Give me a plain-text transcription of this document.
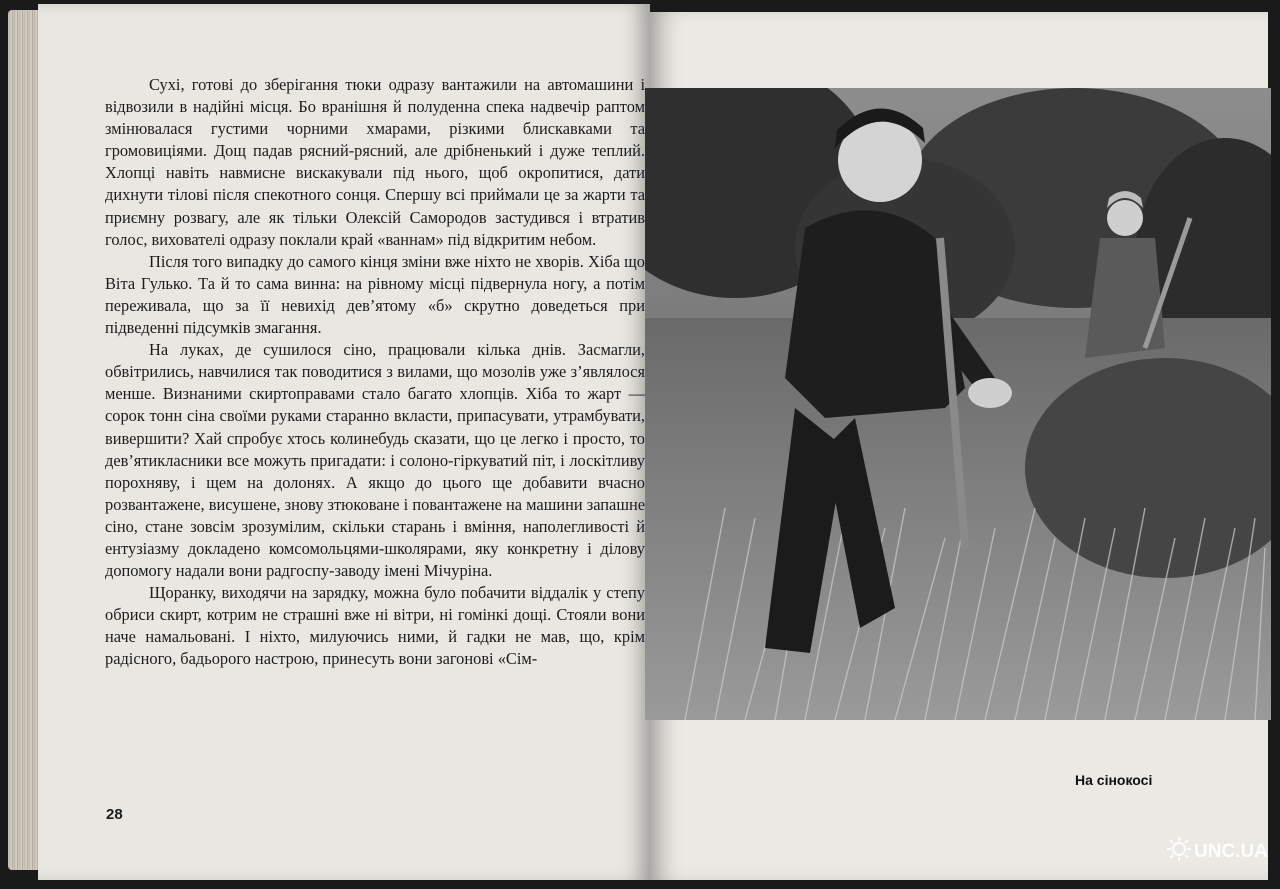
Сухі, готові до зберігання тюки одразу вантажили на автомашини і відвозили в надійні місця. Бо вранішня й полуденна спека надвечір раптом змінювалася густими чорними хмарами, різкими блискавками та громовиціями. Дощ падав рясний-рясний, але дрібненький і дуже теплий. Хлопці навіть навмисне вискакували під нього, щоб окропитися, дати дихнути тілові після спекотного сонця. Спершу всі приймали це за жарти та приємну розвагу, але як тільки Олексій Самородов застудився і втратив голос, вихователі одразу поклали край «ваннам» під відкритим небом.

Після того випадку до самого кінця зміни вже ніхто не хворів. Хіба що Віта Гулько. Та й то сама винна: на рівному місці підвернула ногу, а потім переживала, що за її невихід дев’ятому «б» скрутно доведеться при підведенні підсумків змагання.

На луках, де сушилося сіно, працювали кілька днів. Засмагли, обвітрились, навчилися так поводитися з вилами, що мозолів уже з’являлося менше. Визнаними скиртоправами стало багато хлопців. Хіба то жарт — сорок тонн сіна своїми руками старанно вкласти, припасувати, утрамбувати, вивершити? Хай спробує хтось колинебудь сказати, що це легко і просто, то дев’ятикласники все можуть пригадати: і солоно-гіркуватий піт, і лоскітливу порохняву, і щем на долонях. А якщо до цього ще добавити вчасно розвантажене, висушене, знову зтюковане і повантажене на машини запашне сіно, стане зовсім зрозумілим, скільки старань і вміння, наполегливості й ентузіазму докладено комсомольцями-школярами, яку конкретну і ділову допомогу надали вони радгоспу-заводу імені Мічуріна.

Щоранку, виходячи на зарядку, можна було побачити віддалік у степу обриси скирт, котрим не страшні вже ні вітри, ні гомінкі дощі. Стояли вони наче намальовані. І ніхто, милуючись ними, й гадки не мав, що, крім радісного, бадьорого настрою, принесуть вони загонові «Сім-

28
На сінокосі
UNC.UA
